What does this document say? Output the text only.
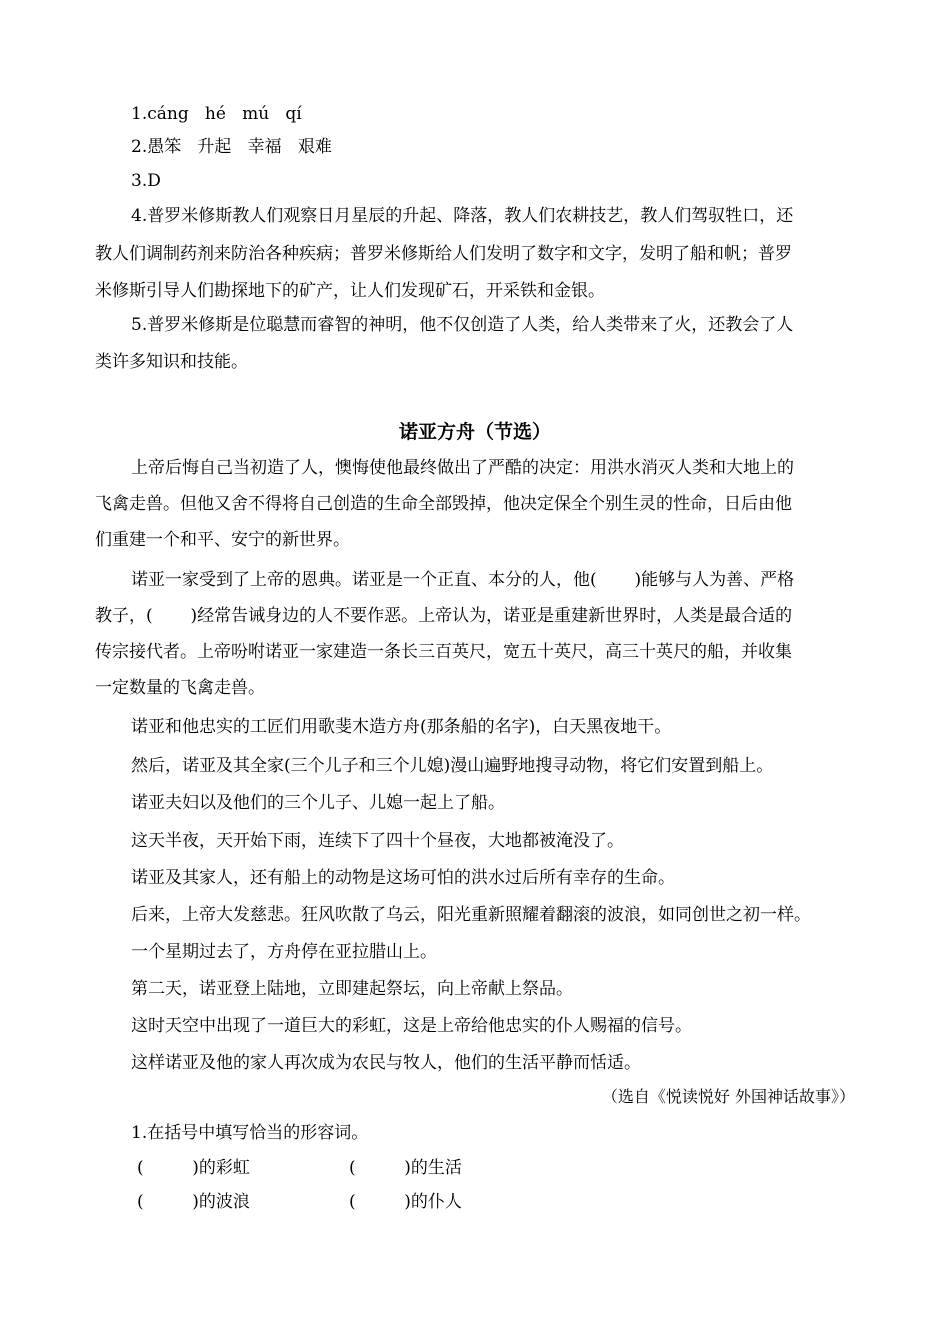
1.cáng   hé   mú   qí
2.愚笨   升起   幸福   艰难
3.D
4.普罗米修斯教人们观察日月星辰的升起、降落，教人们农耕技艺，教人们驾驭牲口，还
教人们调制药剂来防治各种疾病；普罗米修斯给人们发明了数字和文字，发明了船和帆；普罗
米修斯引导人们勘探地下的矿产，让人们发现矿石，开采铁和金银。
5.普罗米修斯是位聪慧而睿智的神明，他不仅创造了人类，给人类带来了火，还教会了人
类许多知识和技能。
诺亚方舟（节选）
上帝后悔自己当初造了人，懊悔使他最终做出了严酷的决定：用洪水消灭人类和大地上的
飞禽走兽。但他又舍不得将自己创造的生命全部毁掉，他决定保全个别生灵的性命，日后由他
们重建一个和平、安宁的新世界。
诺亚一家受到了上帝的恩典。诺亚是一个正直、本分的人，他(       )能够与人为善、严格
教子，(       )经常告诫身边的人不要作恶。上帝认为，诺亚是重建新世界时，人类是最合适的
传宗接代者。上帝吩咐诺亚一家建造一条长三百英尺，宽五十英尺，高三十英尺的船，并收集
一定数量的飞禽走兽。
诺亚和他忠实的工匠们用歌斐木造方舟(那条船的名字)，白天黑夜地干。
然后，诺亚及其全家(三个儿子和三个儿媳)漫山遍野地搜寻动物，将它们安置到船上。
诺亚夫妇以及他们的三个儿子、儿媳一起上了船。
这天半夜，天开始下雨，连续下了四十个昼夜，大地都被淹没了。
诺亚及其家人，还有船上的动物是这场可怕的洪水过后所有幸存的生命。
后来，上帝大发慈悲。狂风吹散了乌云，阳光重新照耀着翻滚的波浪，如同创世之初一样。
一个星期过去了，方舟停在亚拉腊山上。
第二天，诺亚登上陆地，立即建起祭坛，向上帝献上祭品。
这时天空中出现了一道巨大的彩虹，这是上帝给他忠实的仆人赐福的信号。
这样诺亚及他的家人再次成为农民与牧人，他们的生活平静而恬适。
（选自《悦读悦好 外国神话故事》）
1.在括号中填写恰当的形容词。
(         )的彩虹	(         )的生活
(         )的波浪	(         )的仆人
